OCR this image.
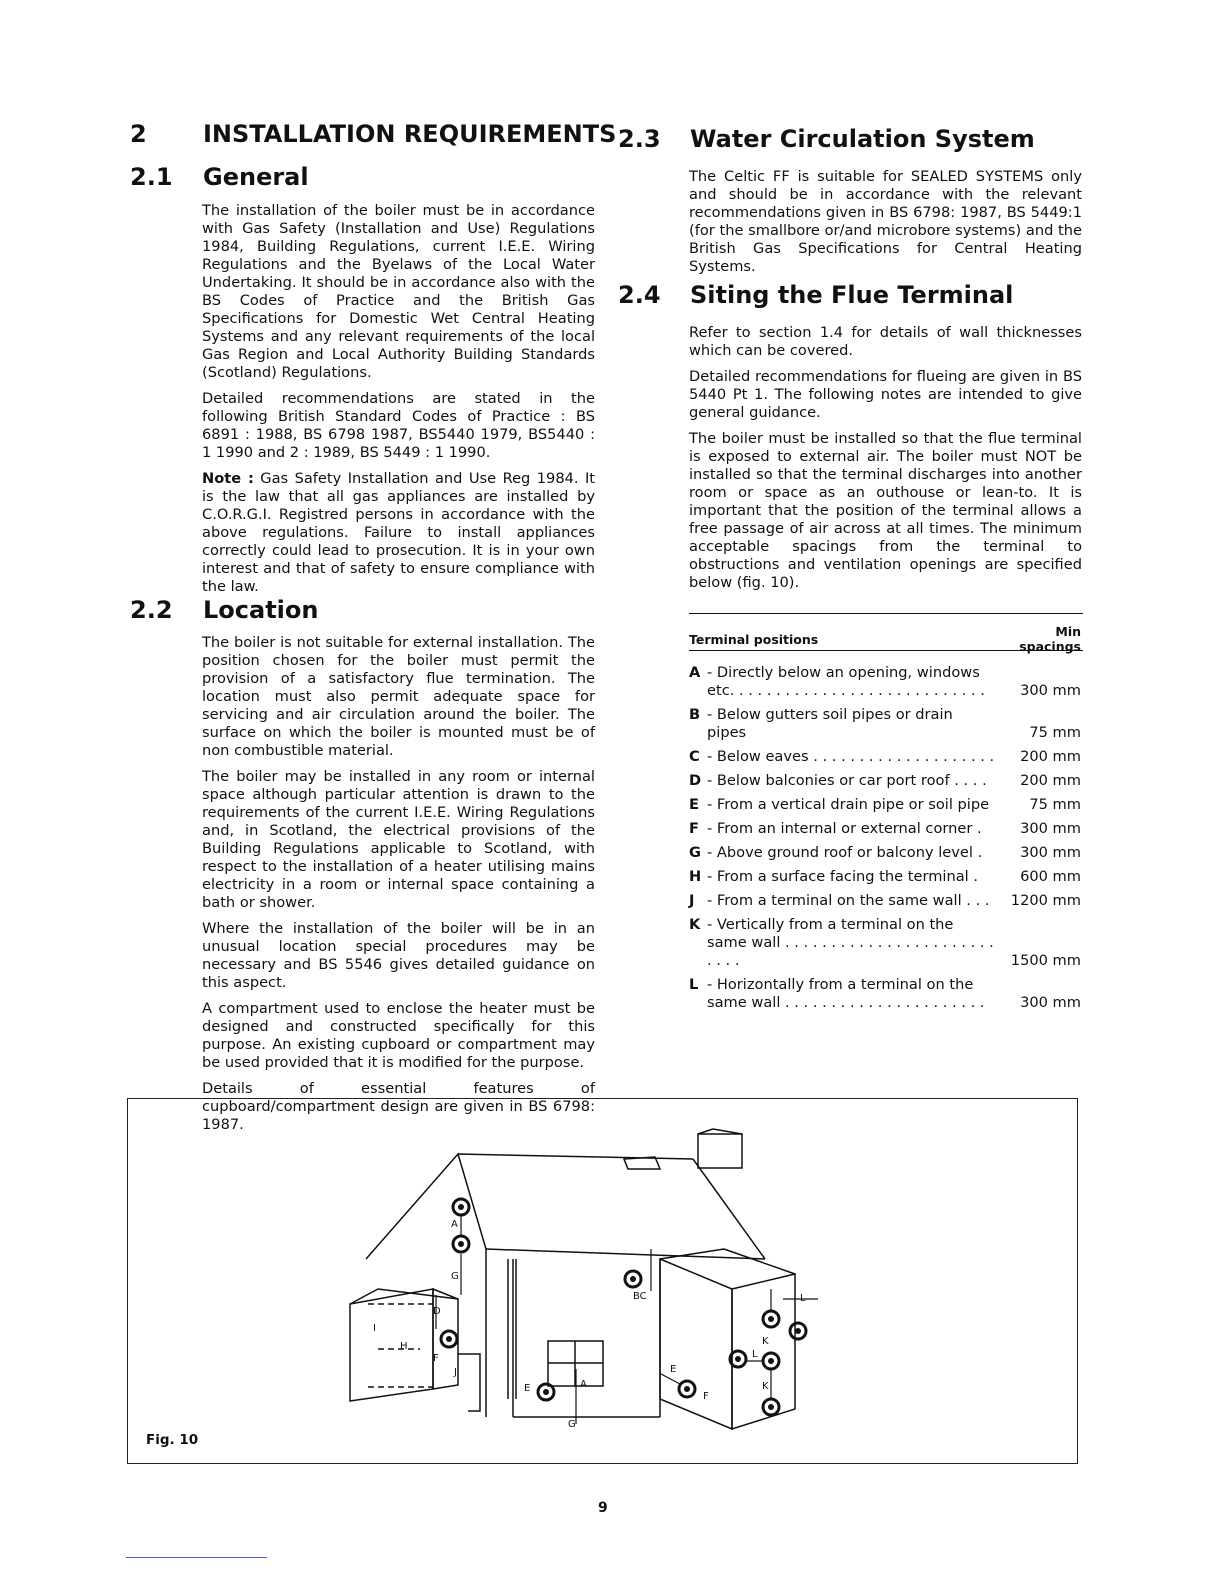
2 INSTALLATION REQUIREMENTS
2.1 General

The installation of the boiler must be in accordance with Gas Safety (Installation and Use) Regulations 1984, Building Regulations, current I.E.E. Wiring Regulations and the Byelaws of the Local Water Undertaking. It should be in accordance also with the BS Codes of Practice and the British Gas Specifications for Domestic Wet Central Heating Systems and any relevant requirements of the local Gas Region and Local Authority Building Standards (Scotland) Regulations.

Detailed recommendations are stated in the following British Standard Codes of Practice : BS 6891 : 1988, BS 6798 1987, BS5440 1979, BS5440 : 1 1990 and 2 : 1989, BS 5449 : 1 1990.

Note : Gas Safety Installation and Use Reg 1984. It is the law that all gas appliances are installed by C.O.R.G.I. Registred persons in accordance with the above regulations. Failure to install appliances correctly could lead to prosecution. It is in your own interest and that of safety to ensure compliance with the law.

2.2 Location

The boiler is not suitable for external installation. The position chosen for the boiler must permit the provision of a satisfactory flue termination. The location must also permit adequate space for servicing and air circulation around the boiler. The surface on which the boiler is mounted must be of non combustible material.

The boiler may be installed in any room or internal space although particular attention is drawn to the requirements of the current I.E.E. Wiring Regulations and, in Scotland, the electrical provisions of the Building Regulations applicable to Scotland, with respect to the installation of a heater utilising mains electricity in a room or internal space containing a bath or shower.

Where the installation of the boiler will be in an unusual location special procedures may be necessary and BS 5546 gives detailed guidance on this aspect.

A compartment used to enclose the heater must be designed and constructed specifically for this purpose. An existing cupboard or compartment may be used provided that it is modified for the purpose.

Details of essential features of cupboard/compartment design are given in BS 6798: 1987.

2.3 Water Circulation System

The Celtic FF is suitable for SEALED SYSTEMS only and should be in accordance with the relevant recommendations given in BS 6798: 1987, BS 5449:1 (for the smallbore or/and microbore systems) and the British Gas Specifications for Central Heating Systems.

2.4 Siting the Flue Terminal

Refer to section 1.4 for details of wall thicknesses which can be covered.

Detailed recommendations for flueing are given in BS 5440 Pt 1. The following notes are intended to give general guidance.

The boiler must be installed so that the flue terminal is exposed to external air. The boiler must NOT be installed so that the terminal discharges into another room or space as an outhouse or lean-to. It is important that the position of the terminal allows a free passage of air across at all times. The minimum acceptable spacings from the terminal to obstructions and ventilation openings are specified below (fig. 10).

Terminal positions		Min spacings
A	- Directly below an opening, windows etc. . . . . . . . . . . . . . . . . . . . . . . . . . . .	300 mm
B	- Below gutters soil pipes or drain pipes	75 mm
C	- Below eaves . . . . . . . . . . . . . . . . . . . .	200 mm
D	- Below balconies or car port roof . . . .	200 mm
E	- From a vertical drain pipe or soil pipe	75 mm
F	- From an internal or external corner .	300 mm
G	- Above ground roof or balcony level .	300 mm
H	- From a surface facing the terminal .	600 mm
J	- From a terminal on the same wall . . .	1200 mm
K	- Vertically from a terminal on the same wall . . . . . . . . . . . . . . . . . . . . . . . . . . .	1500 mm
L	- Horizontally from a terminal on the same wall . . . . . . . . . . . . . . . . . . . . . .	300 mm
A
G
D
I
H
F
J
E	A
G
BC
E
F
L
K
L
K
Fig. 10
9
